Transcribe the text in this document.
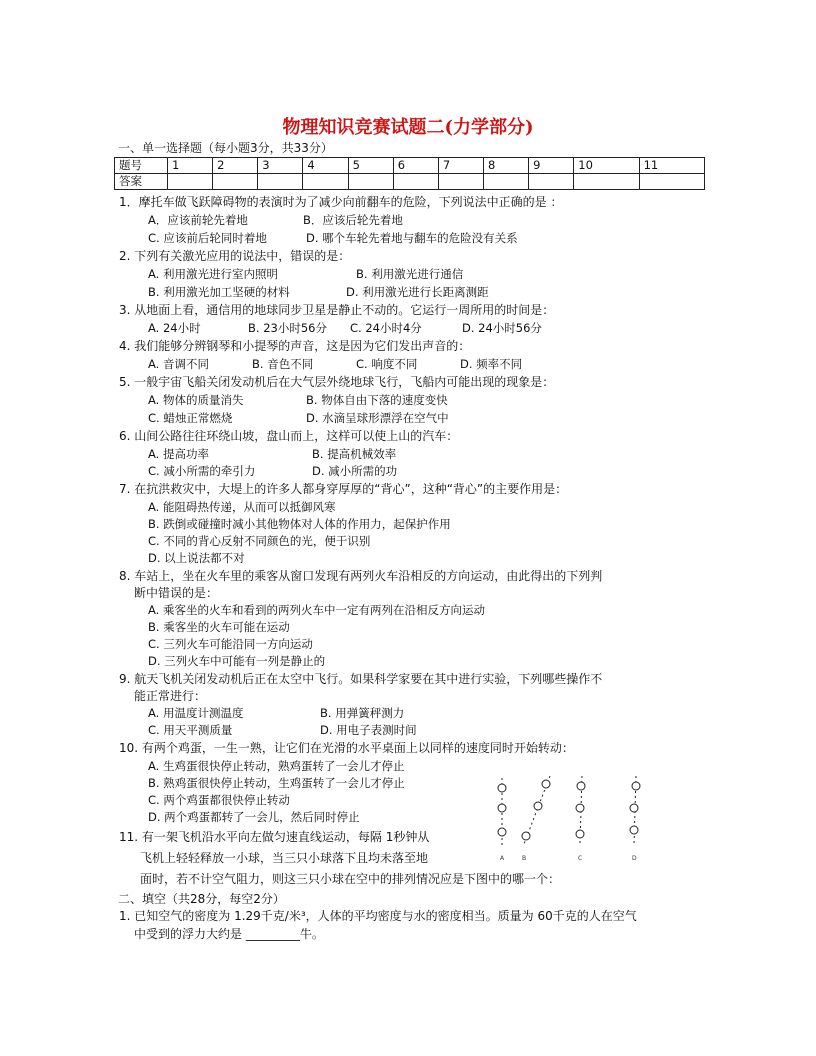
物理知识竞赛试题二(力学部分)
一、单一选择题（每小题3分，共33分）
题号	1	2	3	4	5	6	7	8	9	10	11
答案											
1．摩托车做飞跃障碍物的表演时为了减少向前翻车的危险，下列说法中正确的是 ：
A．应该前轮先着地	B．应该后轮先着地
C. 应该前后轮同时着地	D. 哪个车轮先着地与翻车的危险没有关系
2. 下列有关激光应用的说法中，错误的是：
A. 利用激光进行室内照明	B. 利用激光进行通信
B. 利用激光加工坚硬的材料	D. 利用激光进行长距离测距
3. 从地面上看，通信用的地球同步卫星是静止不动的。它运行一周所用的时间是：
A. 24小时	B. 23小时56分 C. 24小时4分	D. 24小时56分
4. 我们能够分辨钢琴和小提琴的声音，这是因为它们发出声音的：
A. 音调不同	B. 音色不同	C. 响度不同	D. 频率不同
5. 一般宇宙飞船关闭发动机后在大气层外绕地球飞行，飞船内可能出现的现象是：
A. 物体的质量消失	B. 物体自由下落的速度变快
C. 蜡烛正常燃烧	D. 水滴呈球形漂浮在空气中
6. 山间公路往往环绕山坡，盘山而上，这样可以使上山的汽车：
A. 提高功率	B. 提高机械效率
C. 减小所需的牵引力	D. 减小所需的功
7. 在抗洪救灾中，大堤上的许多人都身穿厚厚的“背心”，这种“背心”的主要作用是：
A. 能阻碍热传递，从而可以抵御风寒
B. 跌倒或碰撞时减小其他物体对人体的作用力，起保护作用
C. 不同的背心反射不同颜色的光，便于识别
D. 以上说法都不对
8. 车站上，坐在火车里的乘客从窗口发现有两列火车沿相反的方向运动，由此得出的下列判
断中错误的是：
A. 乘客坐的火车和看到的两列火车中一定有两列在沿相反方向运动
B. 乘客坐的火车可能在运动
C. 三列火车可能沿同一方向运动
D. 三列火车中可能有一列是静止的
9. 航天飞机关闭发动机后正在太空中飞行。如果科学家要在其中进行实验，下列哪些操作不
能正常进行：
A. 用温度计测温度	B. 用弹簧秤测力
C. 用天平测质量	D. 用电子表测时间
10. 有两个鸡蛋，一生一熟，让它们在光滑的水平桌面上以同样的速度同时开始转动：
A. 生鸡蛋很快停止转动，熟鸡蛋转了一会儿才停止
B. 熟鸡蛋很快停止转动，生鸡蛋转了一会儿才停止
C. 两个鸡蛋都很快停止转动
D. 两个鸡蛋都转了一会儿，然后同时停止
11. 有一架飞机沿水平向左做匀速直线运动，每隔 1秒钟从
飞机上轻轻释放一小球，当三只小球落下且均未落至地
面时，若不计空气阻力，则这三只小球在空中的排列情况应是下图中的哪一个：
A	B	C	D
二、填空（共28分，每空2分）
1. 已知空气的密度为 1.29千克/米³，人体的平均密度与水的密度相当。质量为 60千克的人在空气
中受到的浮力大约是 _________牛。
